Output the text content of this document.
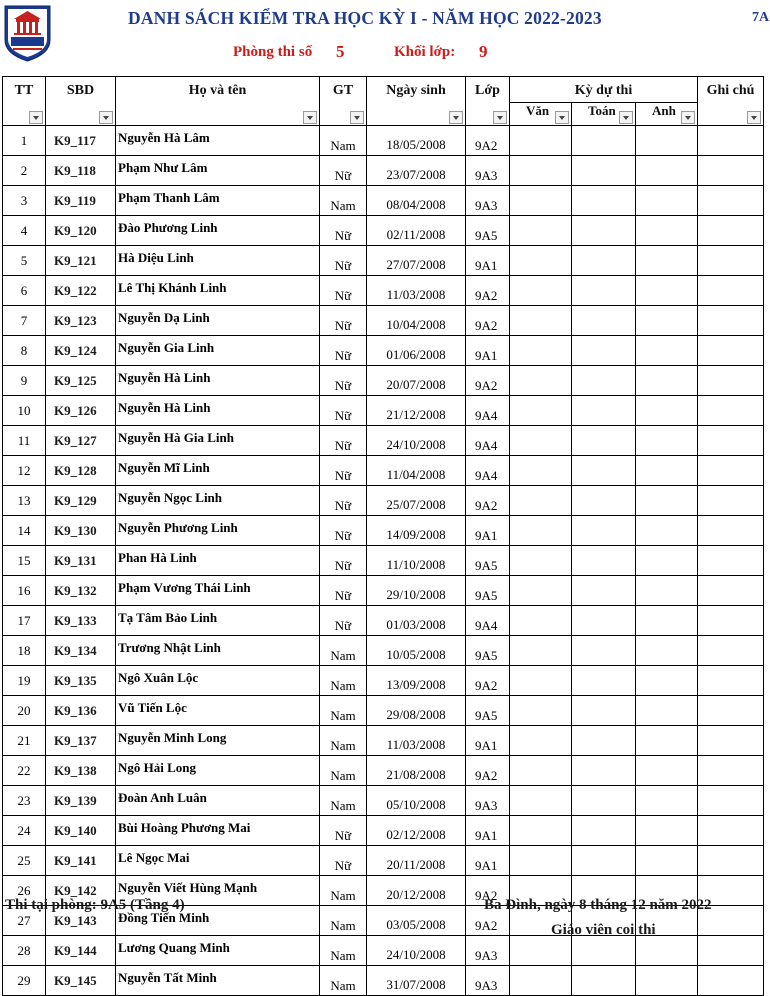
DANH SÁCH KIỂM TRA HỌC KỲ I - NĂM HỌC 2022-2023	7A
Phòng thi số 5	Khối lớp: 9
TT	SBD	Họ và tên	GT	Ngày sinh	Lớp	Kỳ dự thi			Ghi chú

						Văn	Toán	Anh	

1	K9_117	Nguyễn Hà Lâm	Nam	18/05/2008	9A2				
2	K9_118	Phạm Như Lâm	Nữ	23/07/2008	9A3				
3	K9_119	Phạm Thanh Lâm	Nam	08/04/2008	9A3				
4	K9_120	Đào Phương Linh	Nữ	02/11/2008	9A5				
5	K9_121	Hà Diệu Linh	Nữ	27/07/2008	9A1				
6	K9_122	Lê Thị Khánh Linh	Nữ	11/03/2008	9A2				
7	K9_123	Nguyễn Dạ Linh	Nữ	10/04/2008	9A2				
8	K9_124	Nguyễn Gia Linh	Nữ	01/06/2008	9A1				
9	K9_125	Nguyễn Hà Linh	Nữ	20/07/2008	9A2				
10	K9_126	Nguyễn Hà Linh	Nữ	21/12/2008	9A4				
11	K9_127	Nguyễn Hà Gia Linh	Nữ	24/10/2008	9A4				
12	K9_128	Nguyễn Mĩ Linh	Nữ	11/04/2008	9A4				
13	K9_129	Nguyễn Ngọc Linh	Nữ	25/07/2008	9A2				
14	K9_130	Nguyễn Phương Linh	Nữ	14/09/2008	9A1				
15	K9_131	Phan Hà Linh	Nữ	11/10/2008	9A5				
16	K9_132	Phạm Vương Thái Linh	Nữ	29/10/2008	9A5				
17	K9_133	Tạ Tâm Bảo Linh	Nữ	01/03/2008	9A4				
18	K9_134	Trương Nhật Linh	Nam	10/05/2008	9A5				
19	K9_135	Ngô Xuân Lộc	Nam	13/09/2008	9A2				
20	K9_136	Vũ Tiến Lộc	Nam	29/08/2008	9A5				
21	K9_137	Nguyễn Minh Long	Nam	11/03/2008	9A1				
22	K9_138	Ngô Hải Long	Nam	21/08/2008	9A2				
23	K9_139	Đoàn Anh Luân	Nam	05/10/2008	9A3				
24	K9_140	Bùi Hoàng Phương Mai	Nữ	02/12/2008	9A1				
25	K9_141	Lê Ngọc Mai	Nữ	20/11/2008	9A1				
26	K9_142	Nguyễn Viết Hùng Mạnh	Nam	20/12/2008	9A2				
27	K9_143	Đồng Tiến Minh	Nam	03/05/2008	9A2				
28	K9_144	Lương Quang Minh	Nam	24/10/2008	9A3				
29	K9_145	Nguyễn Tất Minh	Nam	31/07/2008	9A3				
Thi tại phòng: 9A5 (Tầng 4)	Ba Đình, ngày 8 tháng 12 năm 2022
Giáo viên coi thi
